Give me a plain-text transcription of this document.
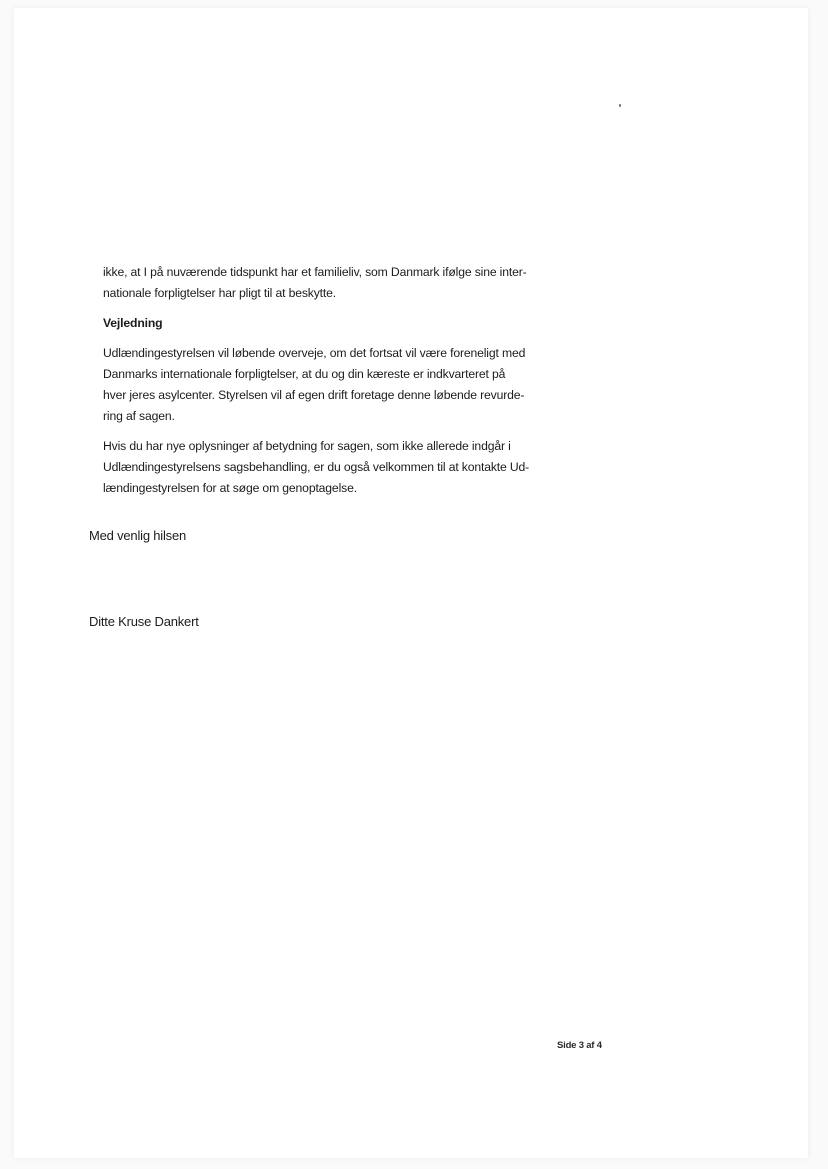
ikke, at I på nuværende tidspunkt har et familieliv, som Danmark ifølge sine inter-
nationale forpligtelser har pligt til at beskytte.

Vejledning

Udlændingestyrelsen vil løbende overveje, om det fortsat vil være foreneligt med
Danmarks internationale forpligtelser, at du og din kæreste er indkvarteret på
hver jeres asylcenter. Styrelsen vil af egen drift foretage denne løbende revurde-
ring af sagen.

Hvis du har nye oplysninger af betydning for sagen, som ikke allerede indgår i
Udlændingestyrelsens sagsbehandling, er du også velkommen til at kontakte Ud-
lændingestyrelsen for at søge om genoptagelse.

Med venlig hilsen
Ditte Kruse Dankert
Side 3 af 4
